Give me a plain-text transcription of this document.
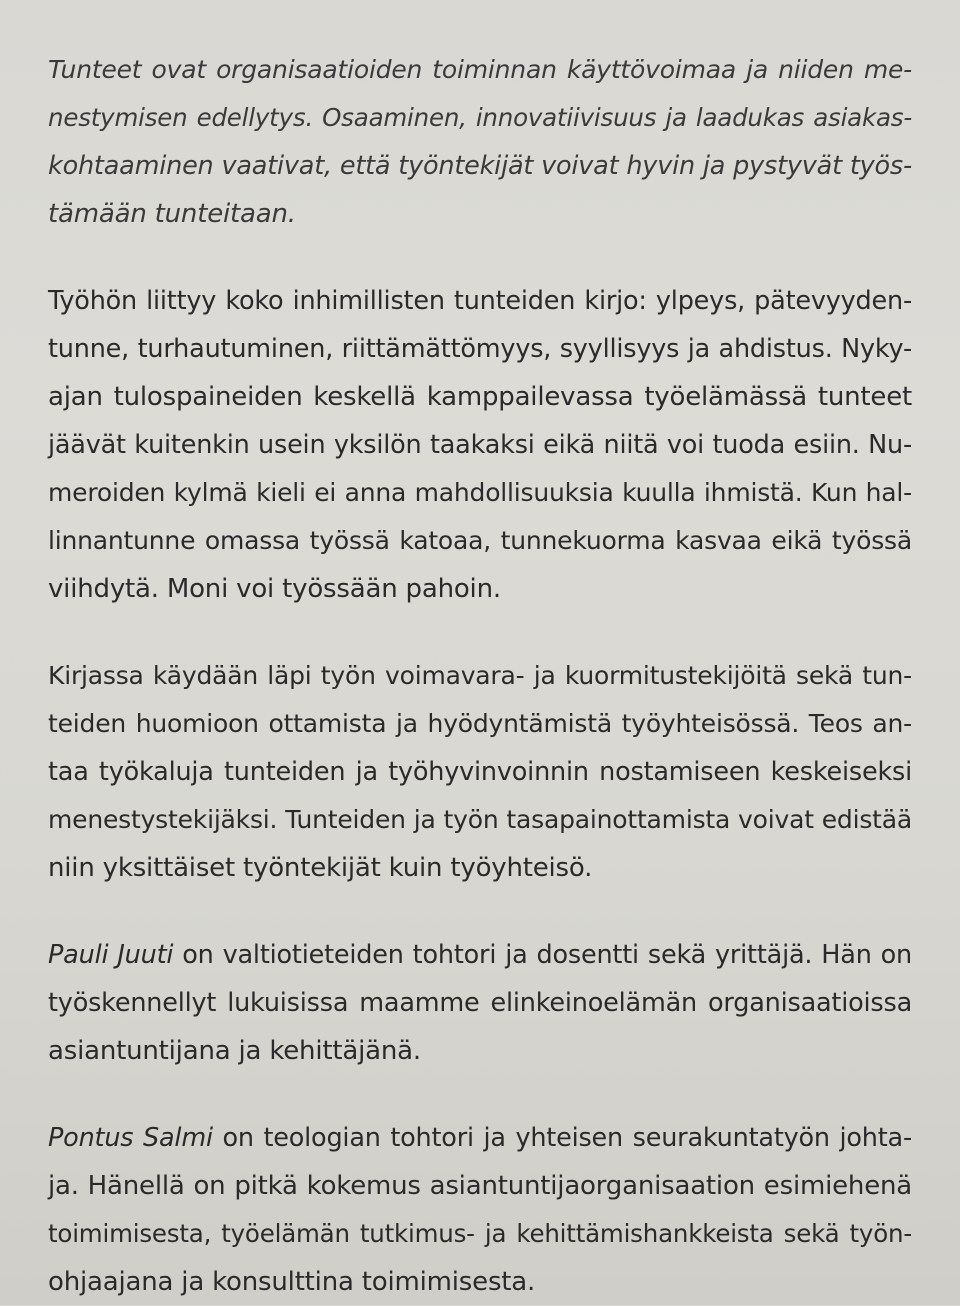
Tunteet ovat organisaatioiden toiminnan käyttövoimaa ja niiden me-
nestymisen edellytys. Osaaminen, innovatiivisuus ja laadukas asiakas-
kohtaaminen vaativat, että työntekijät voivat hyvin ja pystyvät työs-
tämään tunteitaan.

Työhön liittyy koko inhimillisten tunteiden kirjo: ylpeys, pätevyyden-
tunne, turhautuminen, riittämättömyys, syyllisyys ja ahdistus. Nyky-
ajan tulospaineiden keskellä kamppailevassa työelämässä tunteet
jäävät kuitenkin usein yksilön taakaksi eikä niitä voi tuoda esiin. Nu-
meroiden kylmä kieli ei anna mahdollisuuksia kuulla ihmistä. Kun hal-
linnantunne omassa työssä katoaa, tunnekuorma kasvaa eikä työssä
viihdytä. Moni voi työssään pahoin.

Kirjassa käydään läpi työn voimavara- ja kuormitustekijöitä sekä tun-
teiden huomioon ottamista ja hyödyntämistä työyhteisössä. Teos an-
taa työkaluja tunteiden ja työhyvinvoinnin nostamiseen keskeiseksi
menestystekijäksi. Tunteiden ja työn tasapainottamista voivat edistää
niin yksittäiset työntekijät kuin työyhteisö.

Pauli Juuti on valtiotieteiden tohtori ja dosentti sekä yrittäjä. Hän on
työskennellyt lukuisissa maamme elinkeinoelämän organisaatioissa
asiantuntijana ja kehittäjänä.

Pontus Salmi on teologian tohtori ja yhteisen seurakuntatyön johta-
ja. Hänellä on pitkä kokemus asiantuntijaorganisaation esimiehenä
toimimisesta, työelämän tutkimus- ja kehittämishankkeista sekä työn-
ohjaajana ja konsulttina toimimisesta.
